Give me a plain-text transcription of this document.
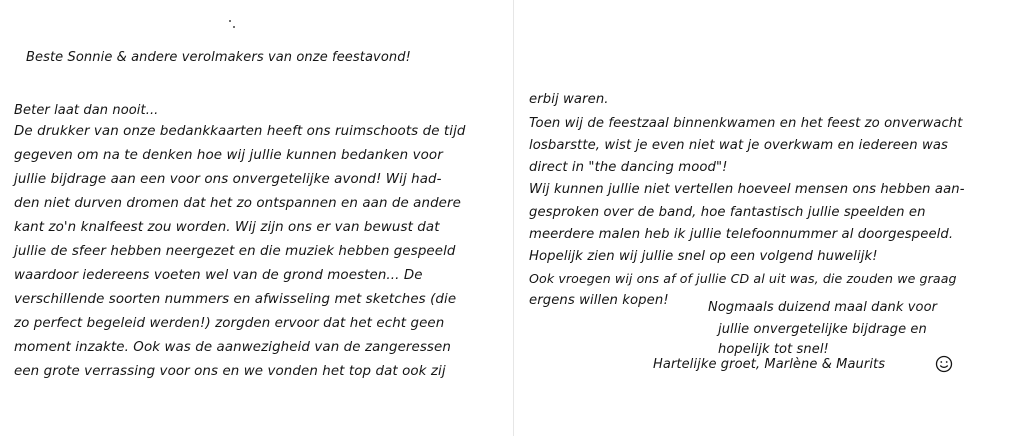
Beste Sonnie & andere verolmakers van onze feestavond!

Beter laat dan nooit...

De drukker van onze bedankkaarten heeft ons ruimschoots de tijd

gegeven om na te denken hoe wij jullie kunnen bedanken voor

jullie bijdrage aan een voor ons onvergetelijke avond! Wij had-

den niet durven dromen dat het zo ontspannen en aan de andere

kant zo'n knalfeest zou worden. Wij zijn ons er van bewust dat

jullie de sfeer hebben neergezet en die muziek hebben gespeeld

waardoor iedereens voeten wel van de grond moesten... De

verschillende soorten nummers en afwisseling met sketches (die

zo perfect begeleid werden!) zorgden ervoor dat het echt geen

moment inzakte. Ook was de aanwezigheid van de zangeressen

een grote verrassing voor ons en we vonden het top dat ook zij

erbij waren.

Toen wij de feestzaal binnenkwamen en het feest zo onverwacht

losbarstte, wist je even niet wat je overkwam en iedereen was

direct in "the dancing mood"!

Wij kunnen jullie niet vertellen hoeveel mensen ons hebben aan-

gesproken over de band, hoe fantastisch jullie speelden en

meerdere malen heb ik jullie telefoonnummer al doorgespeeld.

Hopelijk zien wij jullie snel op een volgend huwelijk!

Ook vroegen wij ons af of jullie CD al uit was, die zouden we graag

ergens willen kopen!	Nogmaals duizend maal dank voor

jullie onvergetelijke bijdrage en

hopelijk tot snel!

Hartelijke groet, Marlène & Maurits
